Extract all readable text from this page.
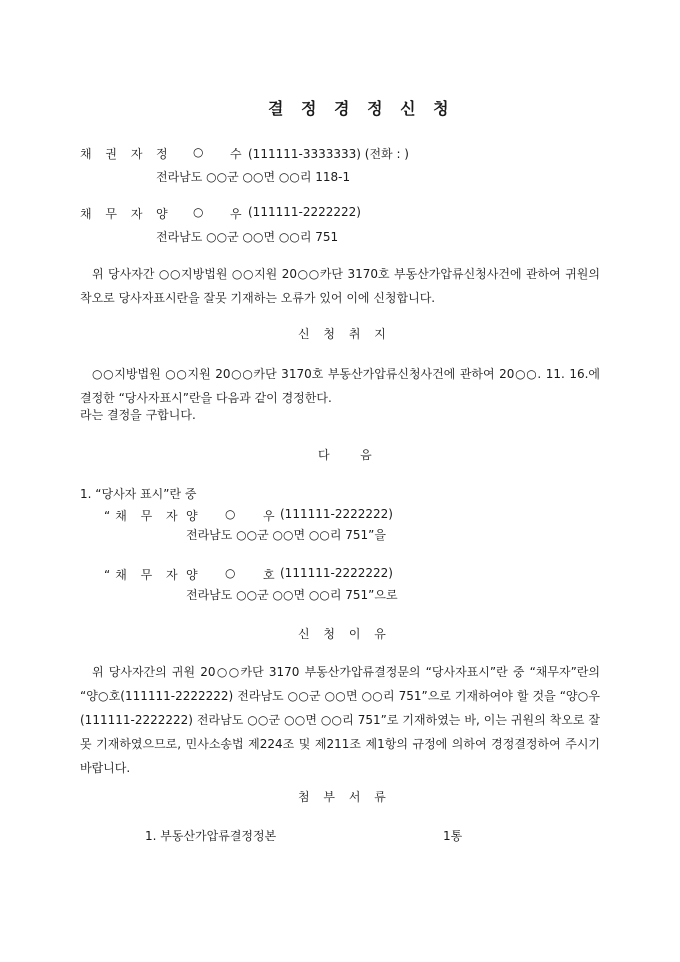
결 정 경 정 신 청
채 권 자 정 ○ 수 (111111-3333333) (전화 : )
전라남도 ○○군 ○○면 ○○리 118-1
채 무 자 양 ○ 우 (111111-2222222)
전라남도 ○○군 ○○면 ○○리 751
위 당사자간 ○○지방법원 ○○지원 20○○카단 3170호 부동산가압류신청사건에 관하여 귀원의 착오로 당사자표시란을 잘못 기재하는 오류가 있어 이에 신청합니다.
신 청 취 지
○○지방법원 ○○지원 20○○카단 3170호 부동산가압류신청사건에 관하여 20○○. 11. 16.에 결정한 “당사자표시”란을 다음과 같이 경정한다.
라는 결정을 구합니다.
다        음
1. “당사자 표시”란 중
“채 무 자 양 ○ 우 (111111-2222222)
전라남도 ○○군 ○○면 ○○리 751”을
“채 무 자 양 ○ 호 (111111-2222222)
전라남도 ○○군 ○○면 ○○리 751”으로
신 청 이 유
위 당사자간의 귀원 20○○카단 3170 부동산가압류결정문의 “당사자표시”란 중 “채무자”란의 “양○호(111111-2222222) 전라남도 ○○군 ○○면 ○○리 751”으로 기재하여야 할 것을 “양○우(111111-2222222) 전라남도 ○○군 ○○면 ○○리 751”로 기재하였는 바, 이는 귀원의 착오로 잘못 기재하였으므로, 민사소송법 제224조 및 제211조 제1항의 규정에 의하여 경정결정하여 주시기 바랍니다.
첨 부 서 류
1. 부동산가압류결정정본	1통
